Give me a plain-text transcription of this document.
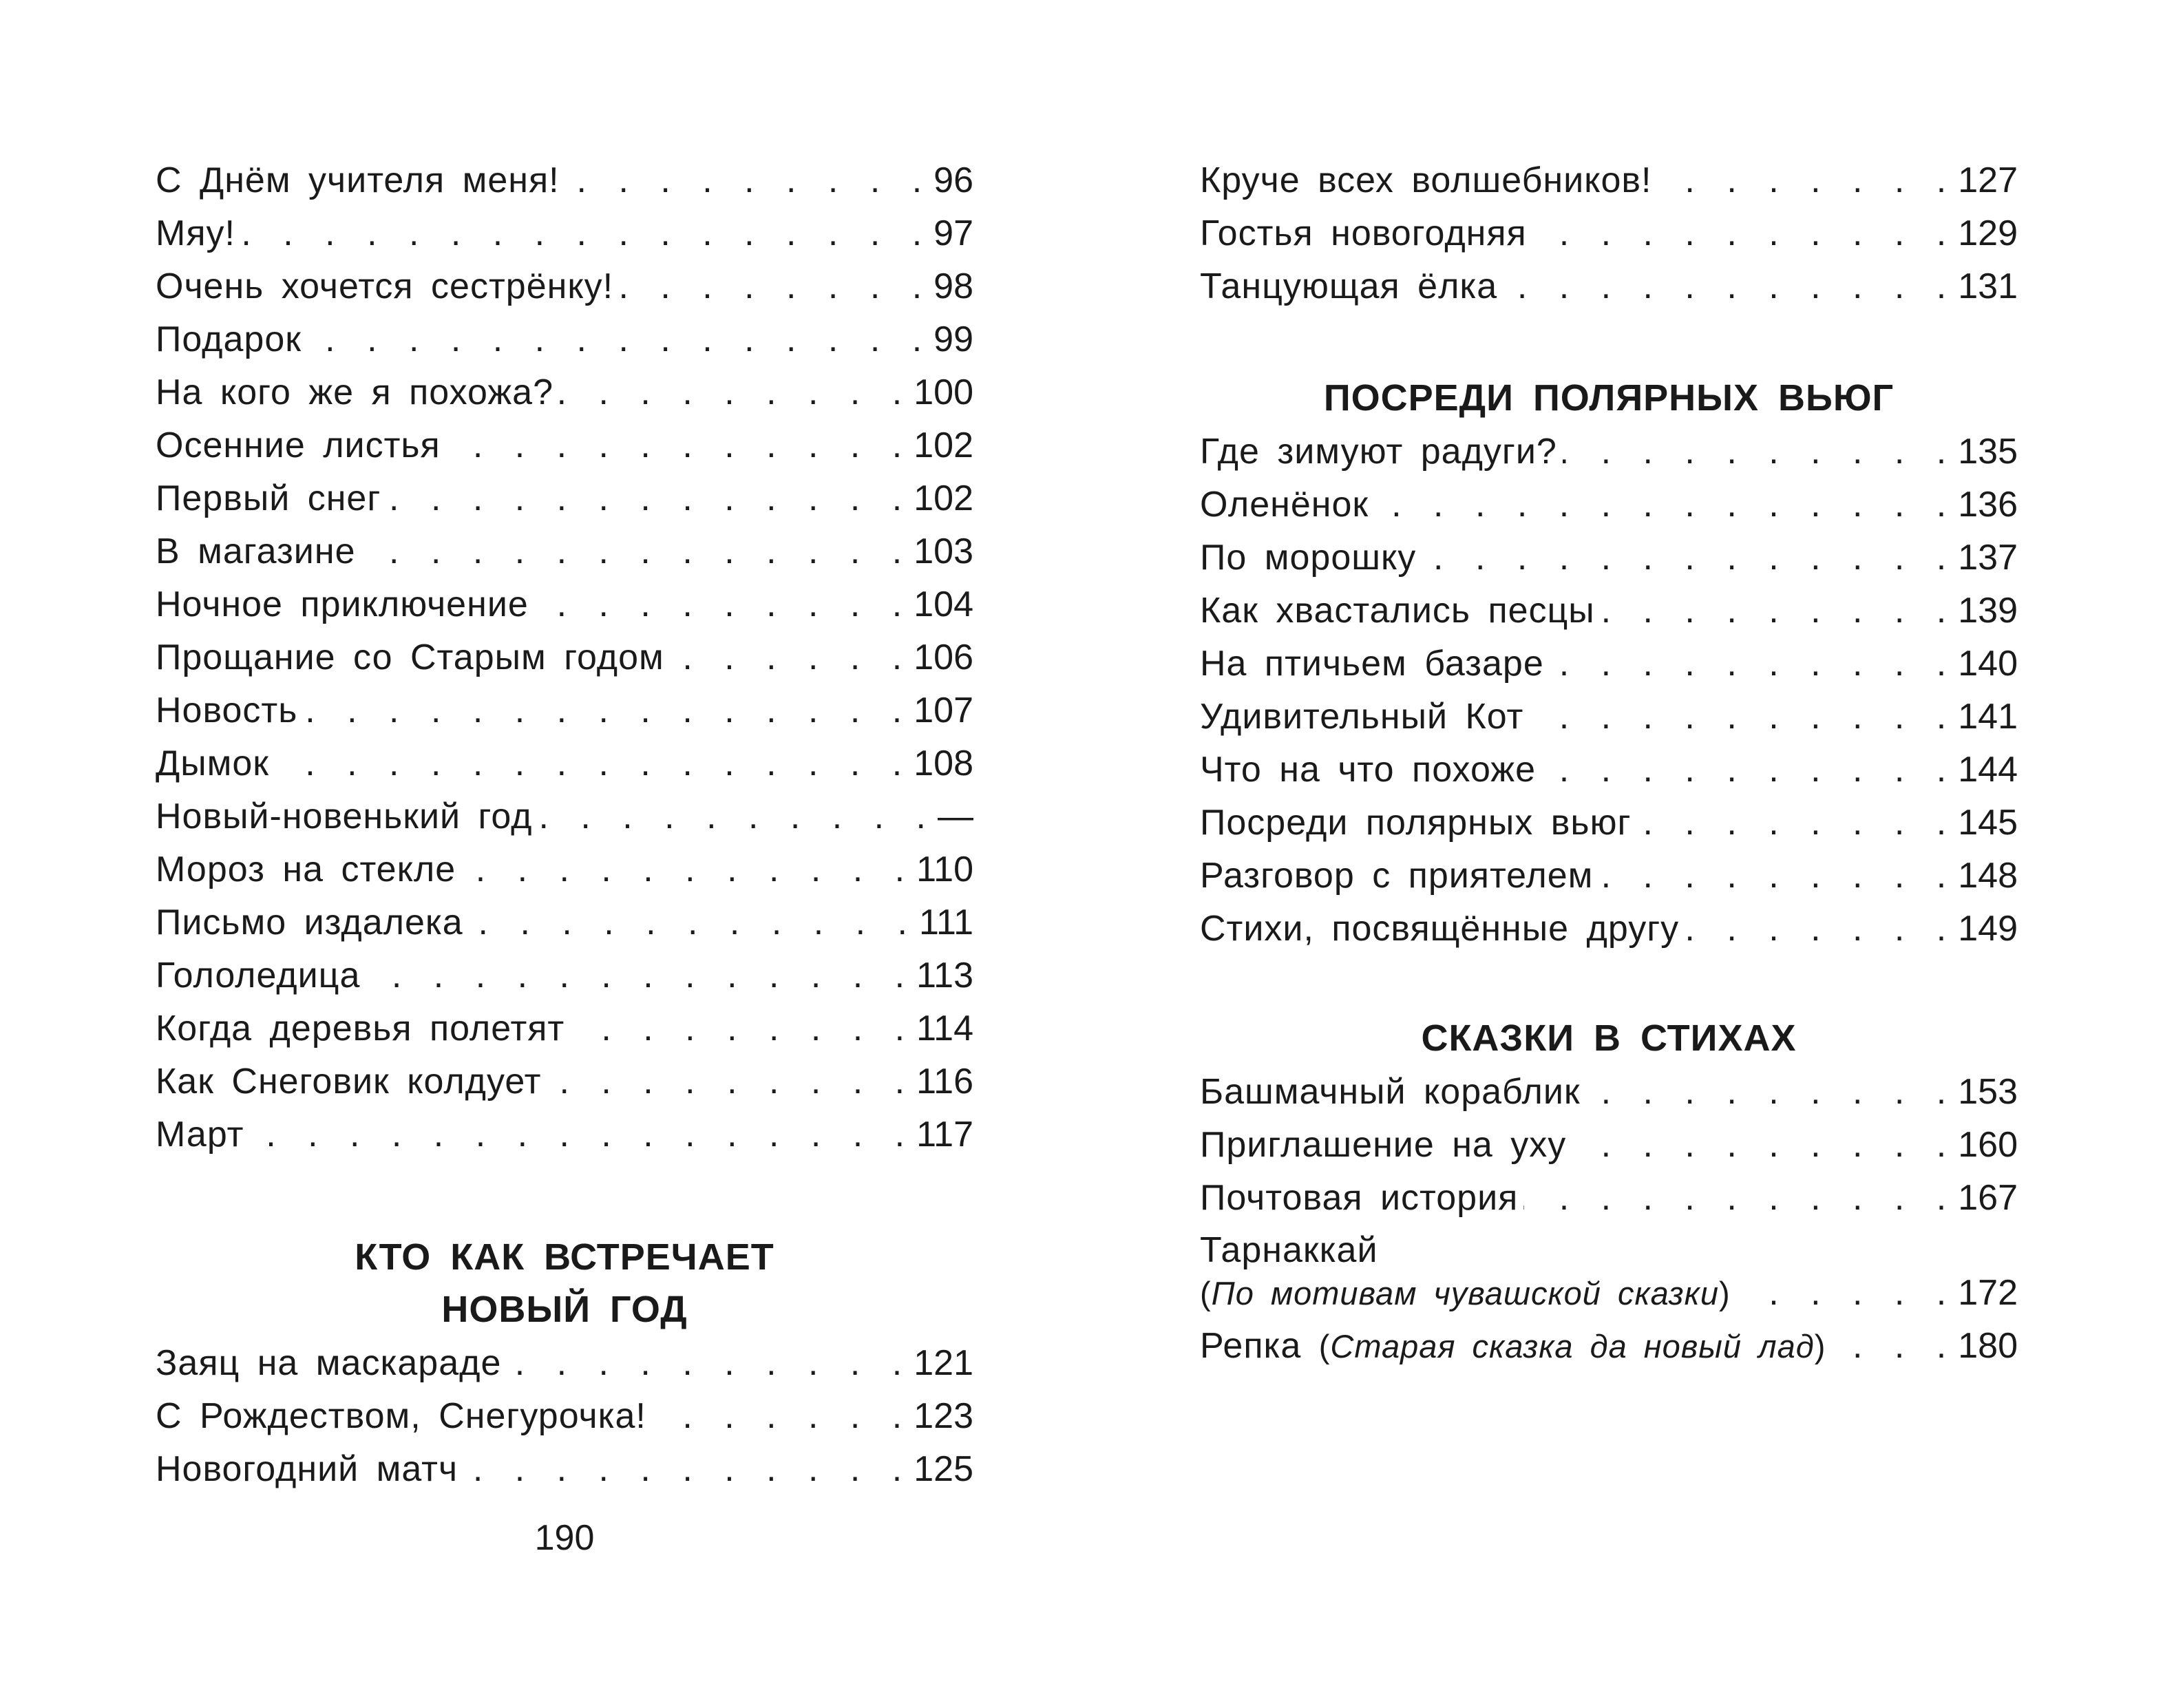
С Днём учителя меня! . . .	96
Мяу! . . .	97
Очень хочется сестрёнку! . . .	98
Подарок . . .	99
На кого же я похожа? . . .	100
Осенние листья . . .	102
Первый снег . . .	102
В магазине . . .	103
Ночное приключение . . .	104
Прощание со Старым годом . . .	106
Новость . . .	107
Дымок . . .	108
Новый-новенький год . . .	—
Мороз на стекле . . .	110
Письмо издалека . . .	111
Гололедица . . .	113
Когда деревья полетят . . .	114
Как Снеговик колдует . . .	116
Март . . .	117
КТО КАК ВСТРЕЧАЕТ
НОВЫЙ ГОД
Заяц на маскараде . . .	121
С Рождеством, Снегурочка! . . .	123
Новогодний матч . . .	125
190
Круче всех волшебников! . . .	127
Гостья новогодняя . . .	129
Танцующая ёлка . . .	131
ПОСРЕДИ ПОЛЯРНЫХ ВЬЮГ
Где зимуют радуги? . . .	135
Оленёнок . . .	136
По морошку . . .	137
Как хвастались песцы . . .	139
На птичьем базаре . . .	140
Удивительный Кот . . .	141
Что на что похоже . . .	144
Посреди полярных вьюг . . .	145
Разговор с приятелем . . .	148
Стихи, посвящённые другу . . .	149
СКАЗКИ В СТИХАХ
Башмачный кораблик . . .	153
Приглашение на уху . . .	160
Почтовая история . . .	167
Тарнаккай
(По мотивам чувашской сказки) . . .	172
Репка (Старая сказка да новый лад) . . .	180
